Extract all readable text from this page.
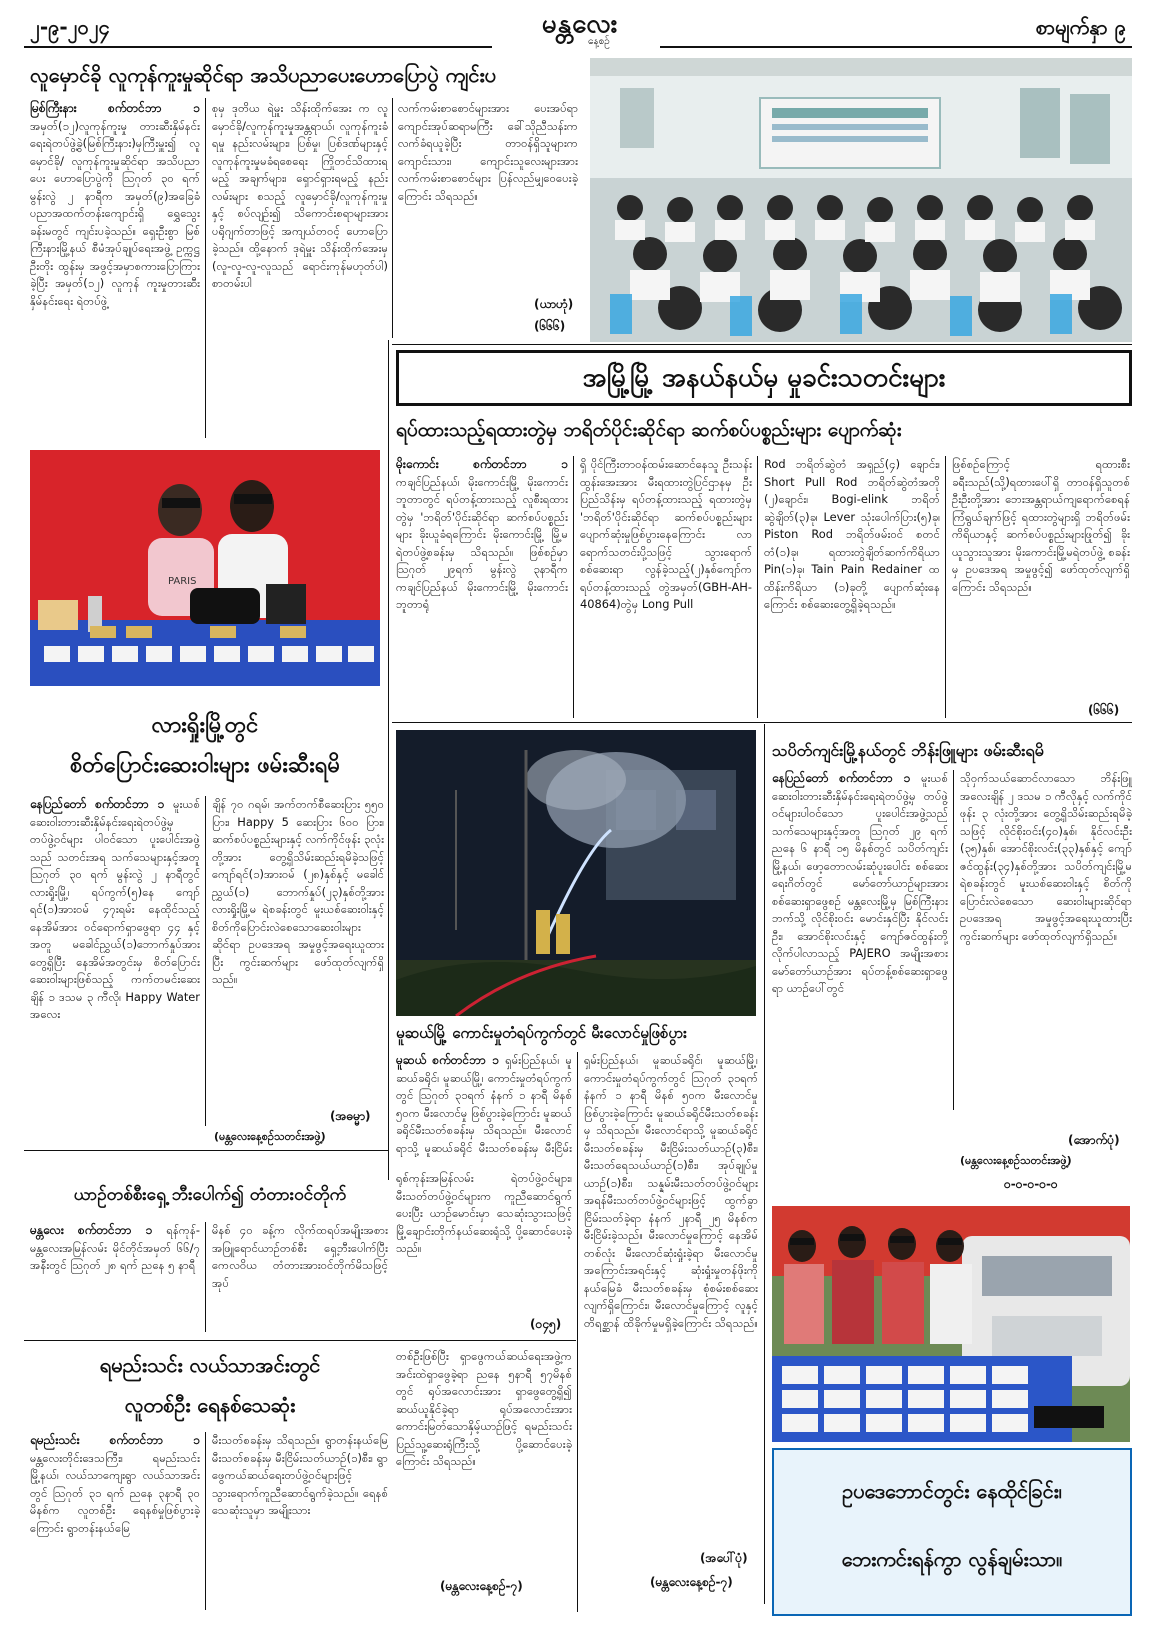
၂-၉-၂၀၂၄	မန္တလေး
နေ့စဉ်
စာမျက်နှာ ၉
လူမှောင်ခို လူကုန်ကူးမှုဆိုင်ရာ အသိပညာပေးဟောပြောပွဲ ကျင်းပ
မြစ်ကြီးနား	စက်တင်ဘာ ၁ အမှတ်(၁၂)လူကုန်ကူးမှု တားဆီးနှိမ်နင်းရေးရဲတပ်ဖွဲ့ခွဲ(မြစ်ကြီးနား)မှကြီးမှူး၍ လူမှောင်ခို/ လူကုန်ကူးမှုဆိုင်ရာ အသိပညာပေး ဟောပြောပွဲကို ဩဂုတ် ၃၀ ရက် မွန်းလွဲ ၂ နာရီက အမှတ်(၉)အခြေခံ ပညာအထက်တန်းကျောင်းရှိ ရွှေသွေးခန်းမတွင် ကျင်းပခဲ့သည်။ ရှေးဦးစွာ မြစ်ကြီးနားမြို့နယ် စီမံအုပ်ချုပ်ရေးအဖွဲ့ ဥက္ကဋ္ဌ ဦးတိုး ထွန်းမှ အဖွင့်အမှာစကားပြောကြားခဲ့ပြီး အမှတ်(၁၂) လူကုန် ကူးမှုတားဆီးနှိမ်နင်းရေး ရဲတပ်ဖွဲ့
စုမှ ဒုတိယ ရဲမှူး သိန်းထိုက်အေး က လူမှောင်ခို/လူကုန်ကူးမှုအန္တရာယ်၊ လူကုန်ကူးခံရမှု နည်းလမ်းများ၊ ပြစ်မှု၊ ပြစ်ဒဏ်များနှင့် လူကုန်ကူးမှုမခံရစေရေး ကြိုတင်သိထားရမည့် အချက်များ၊ ရှောင်ရှားရမည့် နည်းလမ်းများ စသည့် လူမှောင်ခို/လူကုန်ကူးမှုနှင့် စပ်လျဉ်း၍ သိကောင်းစရာများအား ပရိုဂျက်တာဖြင့် အကျယ်တဝင့် ဟောပြောခဲ့သည်။ ထို့နောက် ဒုရဲမှူး သိန်းထိုက်အေးမှ (လူ-လူ-လူ-လူသည် ရောင်းကုန်မဟုတ်ပါ) စာတမ်းပါ
လက်ကမ်းစာစောင်များအား ပေးအပ်ရာ ကျောင်းအုပ်ဆရာမကြီး ခေါ်သိုညီသန်းက လက်ခံရယူခဲ့ပြီး တာဝန်ရှိသူများက ကျောင်းသား၊ ကျောင်းသူလေးများအား လက်ကမ်းစာစောင်များ ပြန်လည်မျှဝေပေးခဲ့ကြောင်း သိရသည်။
(ယာဟုံ)
(၆၆၆)
အမြို့မြို့ အနယ်နယ်မှ မှုခင်းသတင်းများ
ရပ်ထားသည့်ရထားတွဲမှ ဘရိတ်ပိုင်းဆိုင်ရာ ဆက်စပ်ပစ္စည်းများ ပျောက်ဆုံး
မိုးကောင်း	စက်တင်ဘာ ၁ ကချင်ပြည်နယ်၊ မိုးကောင်းမြို့ မိုးကောင်းဘူတာတွင် ရပ်တန့်ထားသည့် လူစီးရထားတွဲမှ 'ဘရိတ်'ပိုင်းဆိုင်ရာ ဆက်စပ်ပစ္စည်းများ ခိုးယူခံရကြောင်း မိုးကောင်းမြို့ မြို့မရဲတပ်ဖွဲ့စခန်းမှ သိရသည်။ ဖြစ်စဉ်မှာ ဩဂုတ် ၂၉ရက် မွန်းလွဲ ၃နာရီက ကချင်ပြည်နယ် မိုးကောင်းမြို့ မိုးကောင်းဘူတာရုံ
ရှိ ပိုင်ကြီးတာဝန်ထမ်းဆောင်နေသူ ဦးသန်းထွန်းအေးအား မီးရထားတွဲပြင်ဌာနမှ ဦးပြည်သိန်းမှ ရပ်တန့်ထားသည့် ရထားတွဲမှ 'ဘရိတ်'ပိုင်းဆိုင်ရာ ဆက်စပ်ပစ္စည်းများ ပျောက်ဆုံးမှုဖြစ်ပွားနေကြောင်း လာရောက်သတင်းပို့သဖြင့် သွားရောက်စစ်ဆေးရာ လွန်ခဲ့သည့်(၂)နှစ်ကျော်က ရပ်တန့်ထားသည့် တွဲအမှတ်(GBH-AH-40864)တွဲမှ Long Pull
Rod ဘရိတ်ဆွဲတံ အရှည်(၄) ချောင်း၊ Short Pull Rod ဘရိတ်ဆွဲတံအတို (၂)ချောင်း၊ Bogi-elink ဘရိတ်ဆွဲချိတ်(၃)ခု၊ Lever သုံးပေါက်ပြား(၅)ခု၊ Piston Rod ဘရိတ်ဖမ်းဝင် စတင်တံ(၁)ခု၊ ရထားတွဲချိတ်ဆက်ကိရိယာ Pin(၁)ခု၊ Tain Pain Redainer ထထိန်းကိရိယာ (၁)ခုတို့ ပျောက်ဆုံးနေကြောင်း စစ်ဆေးတွေ့ရှိခဲ့ရသည်။
ဖြစ်စဉ်ကြောင့် ရထားစီး ခရီးသည်(သို့)ရထားပေါ်ရှိ တာဝန်ရှိသူတစ်ဦးဦးတို့အား ဘေးအန္တရာယ်ကျရောက်စေရန် ကြံရွယ်ချက်ဖြင့် ရထားတွဲများရှိ ဘရိတ်ဖမ်းကိရိယာနှင့် ဆက်စပ်ပစ္စည်းများဖြုတ်၍ ခိုးယူသွားသူအား မိုးကောင်းမြို့မရဲတပ်ဖွဲ့ စခန်းမှ ဥပဒေအရ အမှုဖွင့်၍ ဖော်ထုတ်လျက်ရှိကြောင်း သိရသည်။
(၆၆၆)
PARIS
လားရှိုးမြို့တွင်
စိတ်ပြောင်းဆေးဝါးများ ဖမ်းဆီးရမိ
နေပြည်တော် စက်တင်ဘာ ၁ မူးယစ်ဆေးဝါးတားဆီးနှိမ်နင်းရေးရဲတပ်ဖွဲ့မှ တပ်ဖွဲ့ဝင်များ ပါဝင်သော ပူးပေါင်းအဖွဲ့သည် သတင်းအရ သက်သေများနှင့်အတူ ဩဂုတ် ၃၀ ရက် မွန်းလွဲ ၂ နာရီတွင် လားရှိုးမြို့၊ ရပ်ကွက်(၅)နေ ကျော်ရင်(၁)အားဝမ် ၄၇းရမ်း နေထိုင်သည့် နေအိမ်အား ဝင်ရောက်ရှာဖွေရာ ၄၄ နှင့်အတူ မခေါင်ညွှယ်(၁)ဘောက်နှုပ်အား တွေ့ရှိပြီး နေအိမ်အတွင်းမှ စိတ်ပြောင်းဆေးဝါးများဖြစ်သည့် ကက်တမင်းဆေးချိန် ၁ ဒသမ ၃ ကီလို၊ Happy Water အလေး
ချိန် ၇၀ ဂရမ်၊ အက်တက်စီဆေးပြား ၅၅၀ ပြား၊ Happy 5 ဆေးပြား ၆၀၀ ပြား၊ ဆက်စပ်ပစ္စည်းများနှင့် လက်ကိုင်ဖုန်း ၃လုံးတို့အား တွေ့ရှိသိမ်းဆည်းရမိခဲ့သဖြင့် ကျော်ရင်(၁)အားဝမ် (၂၈)နှစ်နှင့် မခေါင်ညွှယ်(၁) ဘောက်နှုပ်(၂၃)နှစ်တို့အား လားရှိုးမြို့မ ရဲစခန်းတွင် မူးယစ်ဆေးဝါးနှင့် စိတ်ကိုပြောင်းလဲစေသောဆေးဝါးများဆိုင်ရာ ဥပဒေအရ အမှုဖွင့်အရေးယူထားပြီး ကွင်းဆက်များ ဖော်ထုတ်လျက်ရှိသည်။
(အဓမ္မာ)
(မန္တလေးနေ့စဉ်သတင်းအဖွဲ့)
မူဆယ်မြို့ ကောင်းမှုတံရပ်ကွက်တွင် မီးလောင်မှုဖြစ်ပွား
မူဆယ် စက်တင်ဘာ ၁ ရှမ်းပြည်နယ်၊ မူဆယ်ခရိုင်၊ မူဆယ်မြို့၊ ကောင်းမှုတံရပ်ကွက်တွင် ဩဂုတ် ၃၁ရက် နံနက် ၁ နာရီ မိနစ် ၅၀က မီးလောင်မှု ဖြစ်ပွားခဲ့ကြောင်း မူဆယ်ခရိုင်မီးသတ်စခန်းမှ သိရသည်။ မီးလောင်ရာသို့ မူဆယ်ခရိုင် မီးသတ်စခန်းမှ မီးငြိမ်း
ရှမ်းပြည်နယ်၊ မူဆယ်ခရိုင်၊ မူဆယ်မြို့၊ ကောင်းမှုတံရပ်ကွက်တွင် ဩဂုတ် ၃၁ရက် နံနက် ၁ နာရီ မိနစ် ၅၀က မီးလောင်မှု ဖြစ်ပွားခဲ့ကြောင်း မူဆယ်ခရိုင်မီးသတ်စခန်းမှ သိရသည်။ မီးလောင်ရာသို့ မူဆယ်ခရိုင် မီးသတ်စခန်းမှ မီးငြိမ်းသတ်ယာဉ်(၃)စီး၊ မီးသတ်ရေသယ်ယာဉ်(၁)စီး၊ အုပ်ချုပ်မှုယာဉ်(၁)စီး၊ သန္နမ်းမီးသတ်တပ်ဖွဲ့ဝင်များ အရန်မီးသတ်တပ်ဖွဲ့ဝင်များဖြင့် ထွက်ခွာငြိမ်းသတ်ခဲ့ရာ နံနက် ၂နာရီ ၂၅ မိနစ်က မီးငြိမ်းခဲ့သည်။ မီးလောင်မှုကြောင့် နေအိမ် တစ်လုံး မီးလောင်ဆုံးရှုံးခဲ့ရာ မီးလောင်မှု အကြောင်းအရင်းနှင့် ဆုံးရှုံးမှုတန်ဖိုးကို နယ်မြေခံ မီးသတ်စခန်းမှ စုံစမ်းစစ်ဆေးလျက်ရှိကြောင်း၊ မီးလောင်မှုကြောင့် လူနှင့်တိရစ္ဆာန် ထိခိုက်မှုမရှိခဲ့ကြောင်း သိရသည်။
(အပေါ်ပုံ)
(မန္တလေးနေ့စဉ်-၇)
သပိတ်ကျင်းမြို့နယ်တွင် ဘိန်းဖြူများ ဖမ်းဆီးရမိ
နေပြည်တော် စက်တင်ဘာ ၁ မူးယစ်ဆေးဝါးတားဆီးနှိမ်နင်းရေးရဲတပ်ဖွဲ့မှ တပ်ဖွဲ့ဝင်များပါဝင်သော ပူးပေါင်းအဖွဲ့သည် သက်သေများနှင့်အတူ ဩဂုတ် ၂၉ ရက် ညနေ ၆ နာရီ ၁၅ မိနစ်တွင် သပိတ်ကျင်းမြို့နယ်၊ ဖော့တောလမ်းဆုံပူးပေါင်း စစ်ဆေးရေးဂိတ်တွင် မော်တော်ယာဉ်များအား စစ်ဆေးရှာဖွေစဉ် မန္တလေးမြို့မှ မြစ်ကြီးနားဘက်သို့ လိုင်စိုးဝင်း မောင်းနှင်ပြီး နိုင်လင်းဦး၊ အောင်စိုးလင်းနှင့် ကျော်ဇင်ထွန်းတို့ လိုက်ပါလာသည့် PAJERO အမျိုးအစား မော်တော်ယာဉ်အား ရပ်တန့်စစ်ဆေးရှာဖွေရာ ယာဉ်ပေါ်တွင်
သိုဝှက်သယ်ဆောင်လာသော ဘိန်းဖြူအလေးချိန် ၂ ဒသမ ၁ ကီလိုနှင့် လက်ကိုင်ဖုန်း ၃ လုံးတို့အား တွေ့ရှိသိမ်းဆည်းရမိခဲ့သဖြင့် လိုင်စိုးဝင်း(၄၀)နှစ်၊ နိုင်လင်းဦး (၃၅)နှစ်၊ အောင်စိုးလင်း(၃၃)နှစ်နှင့် ကျော်ဇင်ထွန်း(၃၄)နှစ်တို့အား သပိတ်ကျင်းမြို့မရဲစခန်းတွင် မူးယစ်ဆေးဝါးနှင့် စိတ်ကိုပြောင်းလဲစေသော ဆေးဝါးများဆိုင်ရာ ဥပဒေအရ အမှုဖွင့်အရေးယူထားပြီး ကွင်းဆက်များ ဖော်ထုတ်လျက်ရှိသည်။
(အောက်ပုံ)
(မန္တလေးနေ့စဉ်သတင်းအဖွဲ့)
၀-၀-၀-၀-၀
ဥပဒေဘောင်တွင်း နေထိုင်ခြင်း၊
ဘေးကင်းရန်ကွာ လွန်ချမ်းသာ။
ယာဉ်တစ်စီးရှေ့ ဘီးပေါက်၍ တံတားဝင်တိုက်
မန္တလေး စက်တင်ဘာ ၁ ရန်ကုန်-မန္တလေးအမြန်လမ်း မိုင်တိုင်အမှတ် ၆၆/၇ အနီးတွင် ဩဂုတ် ၂၈ ရက် ညနေ ၅ နာရီ
မိနစ် ၄၀ ခန့်က လိုက်ထရပ်အမျိုးအစား အဖြူရောင်ယာဉ်တစ်စီး ရှေ့ဘီးပေါက်ပြီး ကေလဝိယ တံတားအားဝင်တိုက်မိသဖြင့် အုပ်
ရုစ်ကုန်းအမြန်လမ်း ရဲတပ်ဖွဲ့ဝင်များ၊ မီးသတ်တပ်ဖွဲ့ဝင်များက ကူညီဆောင်ရွက်ပေးပြီး ယာဉ်မောင်းမှာ သေဆုံးသွားသဖြင့် မြို့ချောင်းတိုက်နယ်ဆေးရုံသို့ ပို့ဆောင်ပေးခဲ့သည်။
(၀၄၅)
ရမည်းသင်း လယ်သာအင်းတွင်
လူတစ်ဦး ရေနစ်သေဆုံး
ရမည်းသင်း စက်တင်ဘာ ၁ မန္တလေးတိုင်းဒေသကြီး၊ ရမည်းသင်းမြို့နယ်၊ လယ်သာကျေးရွာ လယ်သာအင်းတွင် ဩဂုတ် ၃၁ ရက် ညနေ ၃နာရီ ၃၀ မိနစ်က လူတစ်ဦး ရေနစ်မှုဖြစ်ပွားခဲ့ကြောင်း ရွာတန်းနယ်မြေ
မီးသတ်စခန်းမှ သိရသည်။ ရွာတန်းနယ်မြေမီးသတ်စခန်းမှ မီးငြိမ်းသတ်ယာဉ်(၁)စီး၊ ရွာဖွေကယ်ဆယ်ရေးတပ်ဖွဲ့ဝင်များဖြင့် သွားရောက်ကူညီဆောင်ရွက်ခဲ့သည်။ ရေနစ်သေဆုံးသူမှာ အမျိုးသား
တစ်ဦးဖြစ်ပြီး ရှာဖွေကယ်ဆယ်ရေးအဖွဲ့က အင်းထဲရှာဖွေခဲ့ရာ ညနေ ၅နာရီ ၅၇မိနစ်တွင် ရုပ်အလောင်းအား ရှာဖွေတွေ့ရှိ၍ ဆယ်ယူနိုင်ခဲ့ရာ ရုပ်အလောင်းအား ကောင်းမြတ်သောနှိမ့်ယာဉ်ဖြင့် ရမည်းသင်းပြည်သူ့ဆေးရုံကြီးသို့ ပို့ဆောင်ပေးခဲ့ကြောင်း သိရသည်။
(မန္တလေးနေ့စဉ်-၇)
